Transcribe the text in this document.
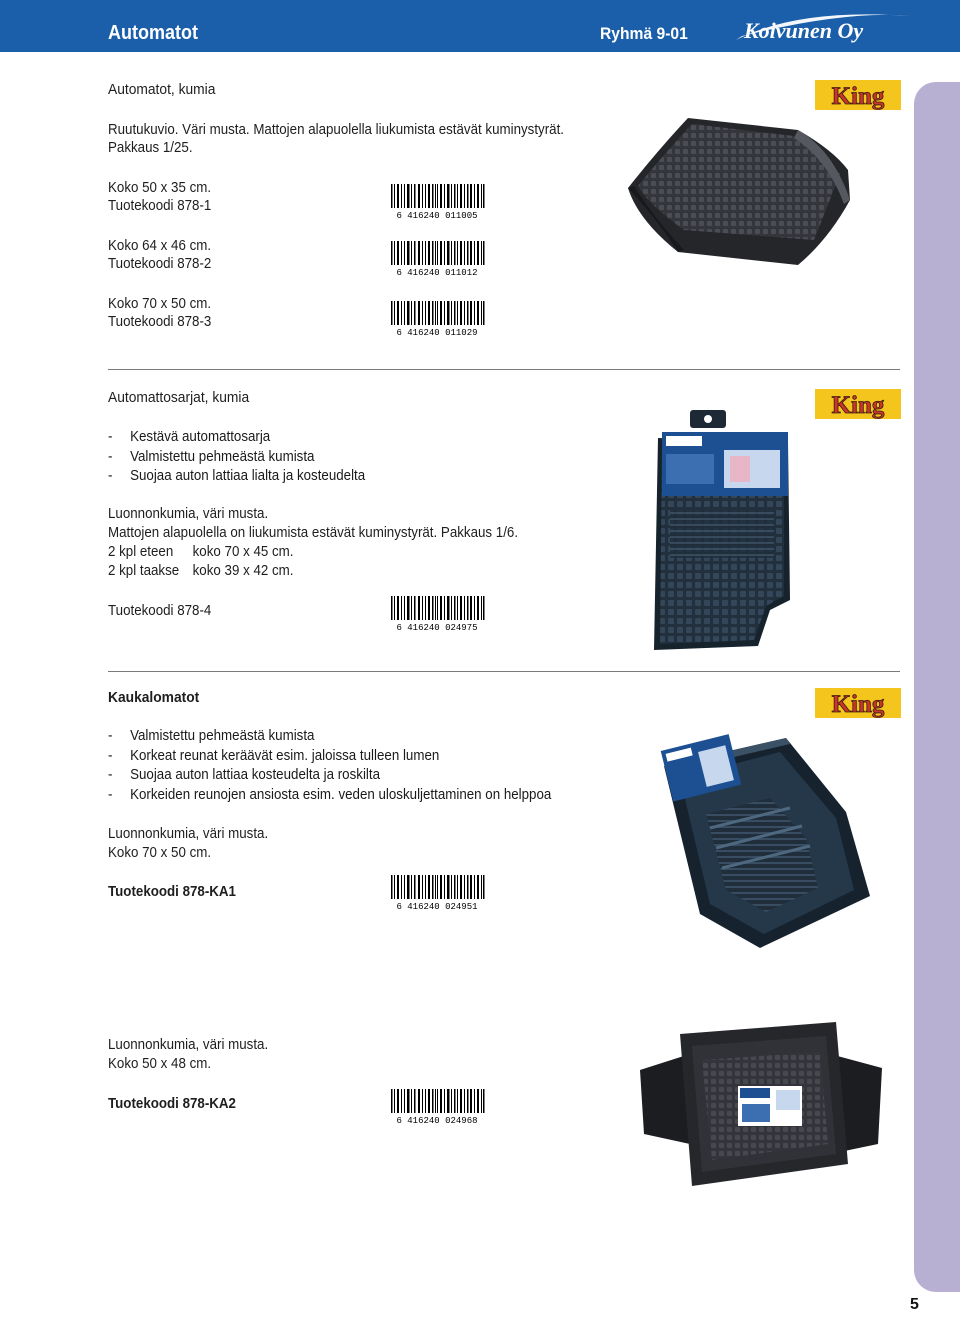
Automatot	Ryhmä 9-01	Koivunen Oy
5
Automatot, kumia
Ruutukuvio. Väri musta. Mattojen alapuolella liukumista estävät kuminystyrät.
Pakkaus 1/25.
Koko 50 x 35 cm.
Tuotekoodi 878-1
6 416240 011005
Koko 64 x 46 cm.
Tuotekoodi 878-2
6 416240 011012
Koko 70 x 50 cm.
Tuotekoodi 878-3
6 416240 011029
King
Automattosarjat, kumia
-	Kestävä automattosarja
-	Valmistettu pehmeästä kumista
-	Suojaa auton lattiaa lialta ja kosteudelta
Luonnonkumia, väri musta.
Mattojen alapuolella on liukumista estävät kuminystyrät. Pakkaus 1/6.
2 kpl eteen koko 70 x 45 cm.
2 kpl taakse koko 39 x 42 cm.
Tuotekoodi 878-4
6 416240 024975
King
Kaukalomatot
-	Valmistettu pehmeästä kumista
-	Korkeat reunat keräävät esim. jaloissa tulleen lumen
-	Suojaa auton lattiaa kosteudelta ja roskilta
-	Korkeiden reunojen ansiosta esim. veden uloskuljettaminen on helppoa
Luonnonkumia, väri musta.
Koko 70 x 50 cm.
Tuotekoodi 878-KA1
6 416240 024951
King
Luonnonkumia, väri musta.
Koko 50 x 48 cm.
Tuotekoodi 878-KA2
6 416240 024968
